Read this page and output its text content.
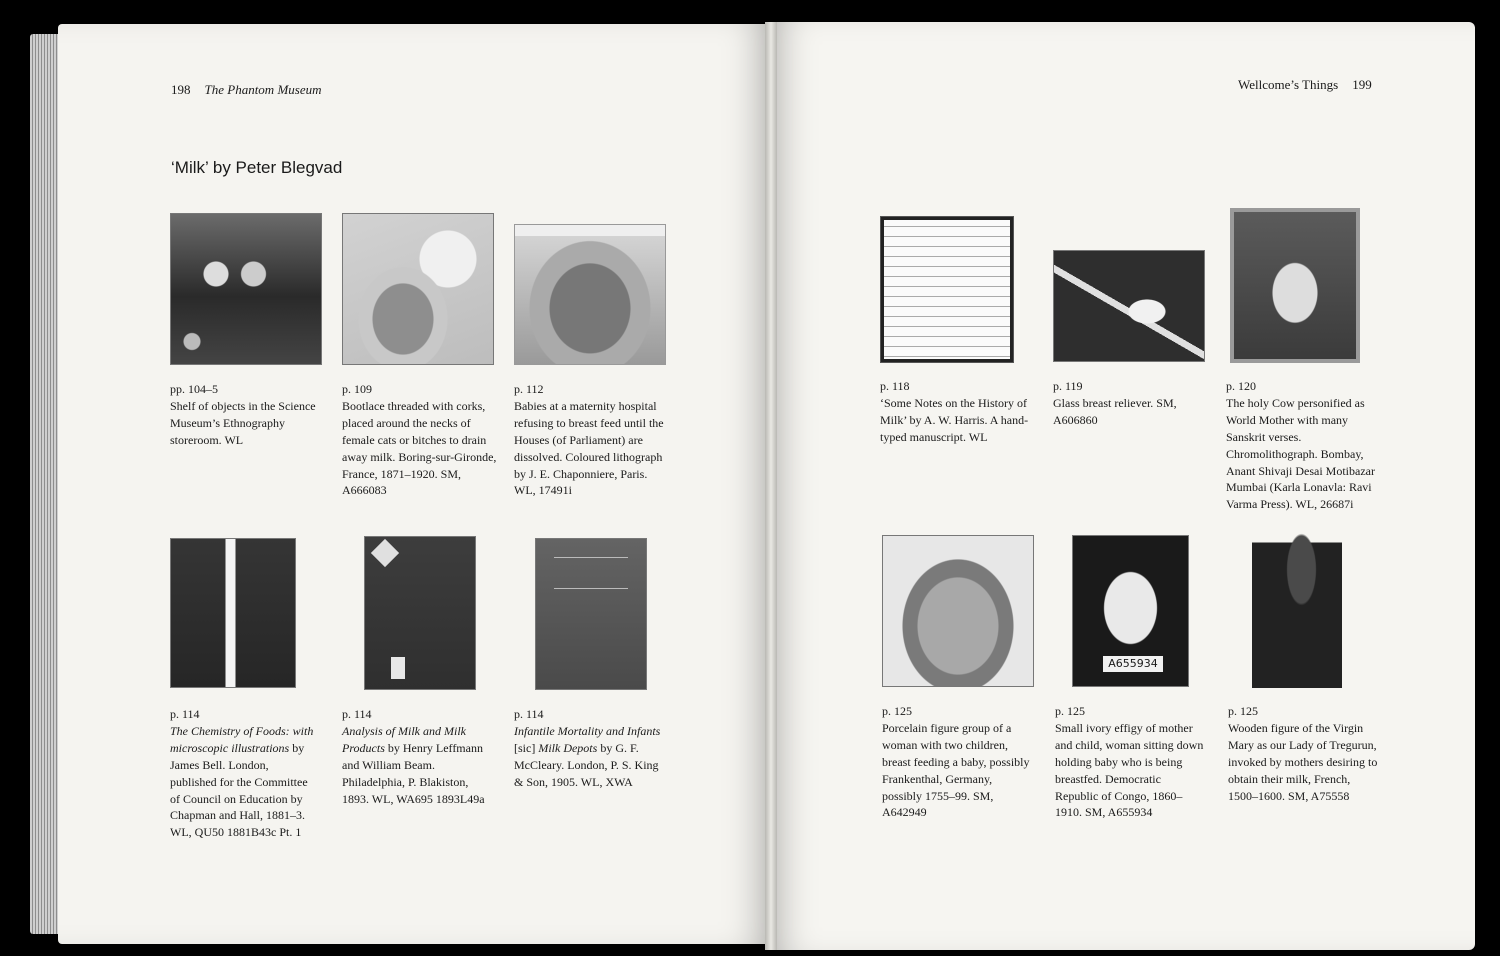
198 The Phantom Museum	Wellcome’s Things 199
‘Milk’ by Peter Blegvad
pp. 104–5
Shelf of objects in the Science Museum’s Ethnography storeroom. WL
p. 109
Bootlace threaded with corks, placed around the necks of female cats or bitches to drain away milk. Boring-sur-Gironde, France, 1871–1920. SM, A666083
p. 112
Babies at a maternity hospital refusing to breast feed until the Houses (of Parliament) are dissolved. Coloured lithograph by J. E. Chaponniere, Paris. WL, 17491i
p. 114
The Chemistry of Foods: with microscopic illustrations by James Bell. London, published for the Committee of Council on Education by Chapman and Hall, 1881–3. WL, QU50 1881B43c Pt. 1
p. 114
Analysis of Milk and Milk Products by Henry Leffmann and William Beam. Philadelphia, P. Blakiston, 1893. WL, WA695 1893L49a
p. 114
Infantile Mortality and Infants [sic] Milk Depots by G. F. McCleary. London, P. S. King & Son, 1905. WL, XWA
p. 118
‘Some Notes on the History of Milk’ by A. W. Harris. A hand-typed manuscript. WL
p. 119
Glass breast reliever. SM, A606860
p. 120
The holy Cow personified as World Mother with many Sanskrit verses. Chromolithograph. Bombay, Anant Shivaji Desai Motibazar Mumbai (Karla Lonavla: Ravi Varma Press). WL, 26687i
A655934
p. 125
Porcelain figure group of a woman with two children, breast feeding a baby, possibly Frankenthal, Germany, possibly 1755–99. SM, A642949
p. 125
Small ivory effigy of mother and child, woman sitting down holding baby who is being breastfed. Democratic Republic of Congo, 1860–1910. SM, A655934
p. 125
Wooden figure of the Virgin Mary as our Lady of Tregurun, invoked by mothers desiring to obtain their milk, French, 1500–1600. SM, A75558
